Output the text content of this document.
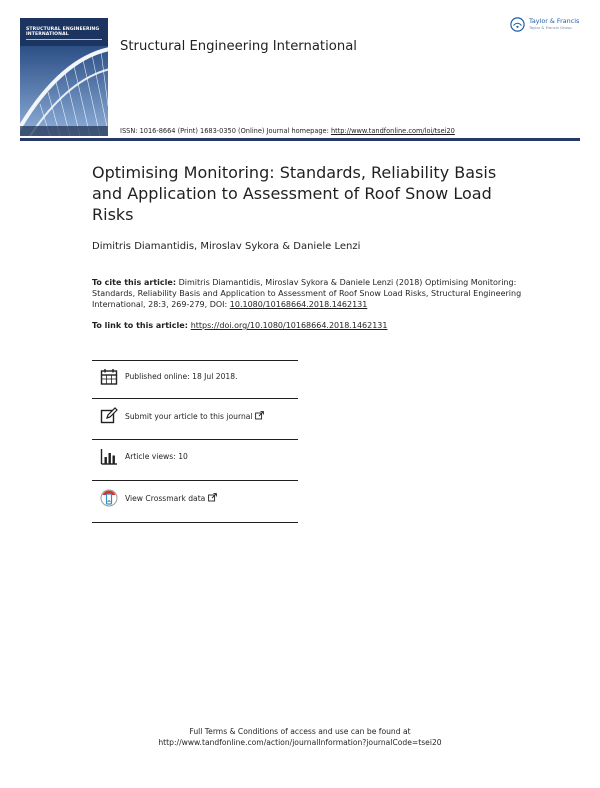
STRUCTURAL ENGINEERING
INTERNATIONAL
Structural Engineering International
Taylor & Francis
Taylor & Francis Group
ISSN: 1016-8664 (Print) 1683-0350 (Online) Journal homepage: http://www.tandfonline.com/loi/tsei20
Optimising Monitoring: Standards, Reliability Basis and Application to Assessment of Roof Snow Load Risks
Dimitris Diamantidis, Miroslav Sykora & Daniele Lenzi
To cite this article: Dimitris Diamantidis, Miroslav Sykora & Daniele Lenzi (2018) Optimising Monitoring: Standards, Reliability Basis and Application to Assessment of Roof Snow Load Risks, Structural Engineering International, 28:3, 269-279, DOI: 10.1080/10168664.2018.1462131
To link to this article: https://doi.org/10.1080/10168664.2018.1462131
Published online: 18 Jul 2018.
Submit your article to this journal
Article views: 10
View Crossmark data
Full Terms & Conditions of access and use can be found at
http://www.tandfonline.com/action/journalInformation?journalCode=tsei20
